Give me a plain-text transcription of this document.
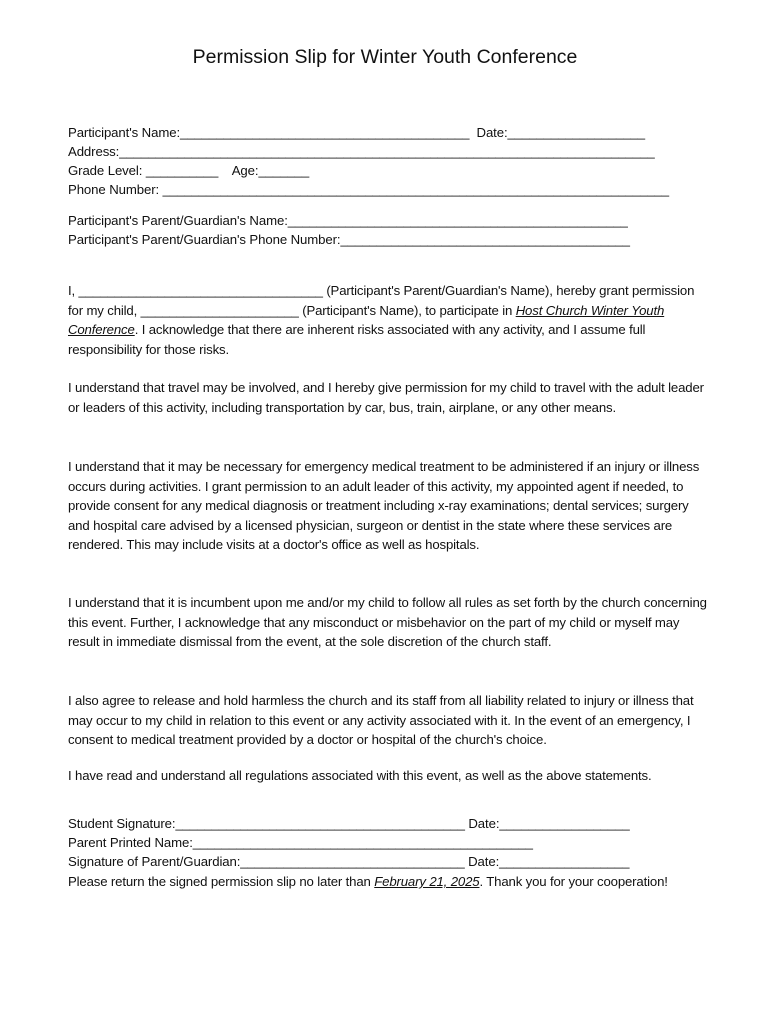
Permission Slip for Winter Youth Conference
Participant's Name:________________________________________  Date:___________________
Address:__________________________________________________________________________
Grade Level: __________    Age:_______
Phone Number: ______________________________________________________________________
Participant's Parent/Guardian's Name:_______________________________________________
Participant's Parent/Guardian's Phone Number:________________________________________
I, __________________________________ (Participant's Parent/Guardian's Name), hereby grant permission for my child, ______________________ (Participant's Name), to participate in Host Church Winter Youth Conference. I acknowledge that there are inherent risks associated with any activity, and I assume full responsibility for those risks.
I understand that travel may be involved, and I hereby give permission for my child to travel with the adult leader or leaders of this activity, including transportation by car, bus, train, airplane, or any other means.
I understand that it may be necessary for emergency medical treatment to be administered if an injury or illness occurs during activities. I grant permission to an adult leader of this activity, my appointed agent if needed, to provide consent for any medical diagnosis or treatment including x-ray examinations; dental services; surgery and hospital care advised by a licensed physician, surgeon or dentist in the state where these services are rendered. This may include visits at a doctor's office as well as hospitals.
I understand that it is incumbent upon me and/or my child to follow all rules as set forth by the church concerning this event. Further, I acknowledge that any misconduct or misbehavior on the part of my child or myself may result in immediate dismissal from the event, at the sole discretion of the church staff.
I also agree to release and hold harmless the church and its staff from all liability related to injury or illness that may occur to my child in relation to this event or any activity associated with it. In the event of an emergency, I consent to medical treatment provided by a doctor or hospital of the church's choice.
I have read and understand all regulations associated with this event, as well as the above statements.
Student Signature:________________________________________ Date:__________________
Parent Printed Name:_______________________________________________
Signature of Parent/Guardian:_______________________________ Date:__________________
Please return the signed permission slip no later than February 21, 2025. Thank you for your cooperation!
